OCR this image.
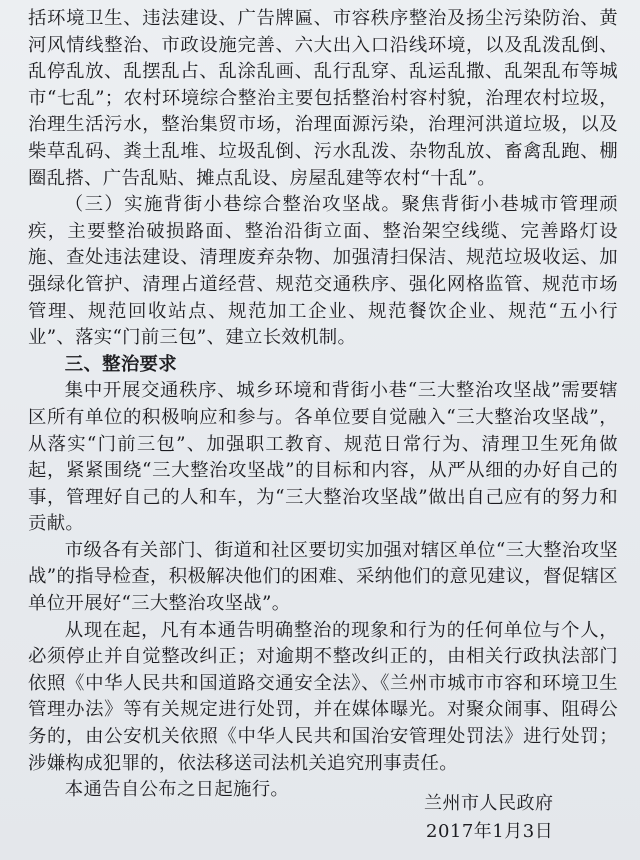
括环境卫生、违法建设、广告牌匾、市容秩序整治及扬尘污染防治、黄河风情线整治、市政设施完善、六大出入口沿线环境，以及乱泼乱倒、乱停乱放、乱摆乱占、乱涂乱画、乱行乱穿、乱运乱撒、乱架乱布等城市“七乱”；农村环境综合整治主要包括整治村容村貌，治理农村垃圾，治理生活污水，整治集贸市场，治理面源污染，治理河洪道垃圾，以及柴草乱码、粪土乱堆、垃圾乱倒、污水乱泼、杂物乱放、畜禽乱跑、棚圈乱搭、广告乱贴、摊点乱设、房屋乱建等农村“十乱”。

（三）实施背街小巷综合整治攻坚战。聚焦背街小巷城市管理顽疾，主要整治破损路面、整治沿街立面、整治架空线缆、完善路灯设施、查处违法建设、清理废弃杂物、加强清扫保洁、规范垃圾收运、加强绿化管护、清理占道经营、规范交通秩序、强化网格监管、规范市场管理、规范回收站点、规范加工企业、规范餐饮企业、规范“五小行业”、落实“门前三包”、建立长效机制。

三、整治要求

集中开展交通秩序、城乡环境和背街小巷“三大整治攻坚战”需要辖区所有单位的积极响应和参与。各单位要自觉融入“三大整治攻坚战”，从落实“门前三包”、加强职工教育、规范日常行为、清理卫生死角做起，紧紧围绕“三大整治攻坚战”的目标和内容，从严从细的办好自己的事，管理好自己的人和车，为“三大整治攻坚战”做出自己应有的努力和贡献。

市级各有关部门、街道和社区要切实加强对辖区单位“三大整治攻坚战”的指导检查，积极解决他们的困难、采纳他们的意见建议，督促辖区单位开展好“三大整治攻坚战”。

从现在起，凡有本通告明确整治的现象和行为的任何单位与个人，必须停止并自觉整改纠正；对逾期不整改纠正的，由相关行政执法部门依照《中华人民共和国道路交通安全法》、《兰州市城市市容和环境卫生管理办法》等有关规定进行处罚，并在媒体曝光。对聚众闹事、阻碍公务的，由公安机关依照《中华人民共和国治安管理处罚法》进行处罚；涉嫌构成犯罪的，依法移送司法机关追究刑事责任。

本通告自公布之日起施行。

兰州市人民政府
2017年1月3日
